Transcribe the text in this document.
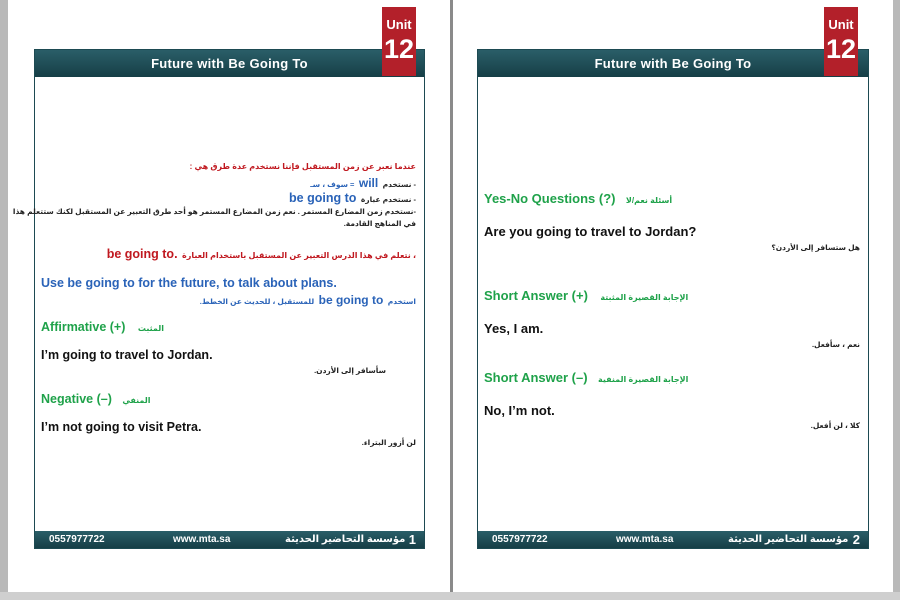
Future with Be Going To
عندما نعبر عن زمن المستقبل فإننا نستخدم عدة طرق هي :
- نستخدم will = سوف ، سـ
- نستخدم عبارة be going to
-نستخدم زمن المضارع المستمر . نعم زمن المضارع المستمر هو أحد طرق التعبير عن المستقبل لكنك ستتعلم هذا
في المناهج القادمة.
، نتعلم في هذا الدرس التعبير عن المستقبل باستخدام العبارة be going to.
Use be going to for the future, to talk about plans.
استخدم be going to للمستقبل ، للحديث عن الخطط.
Affirmative (+) المثبت
I’m going to travel to Jordan.
سأسافر إلى الأردن.
Negative (–) المنفي
I’m not going to visit Petra.
لن أزور البتراء.
0557977722	www.mta.sa	مؤسسة التحاضير الحديثة 1
Unit
12	Future with Be Going To
Yes-No Questions (?) أسئلة نعم/لا
Are you going to travel to Jordan?
هل ستسافر إلى الأردن؟
Short Answer (+) الإجابة القصيرة المثبتة
Yes, I am.
نعم ، سأفعل.
Short Answer (–) الإجابة القصيرة المنفية
No, I’m not.
كلا ، لن أفعل.
0557977722	www.mta.sa	مؤسسة التحاضير الحديثة 2
Unit
12
